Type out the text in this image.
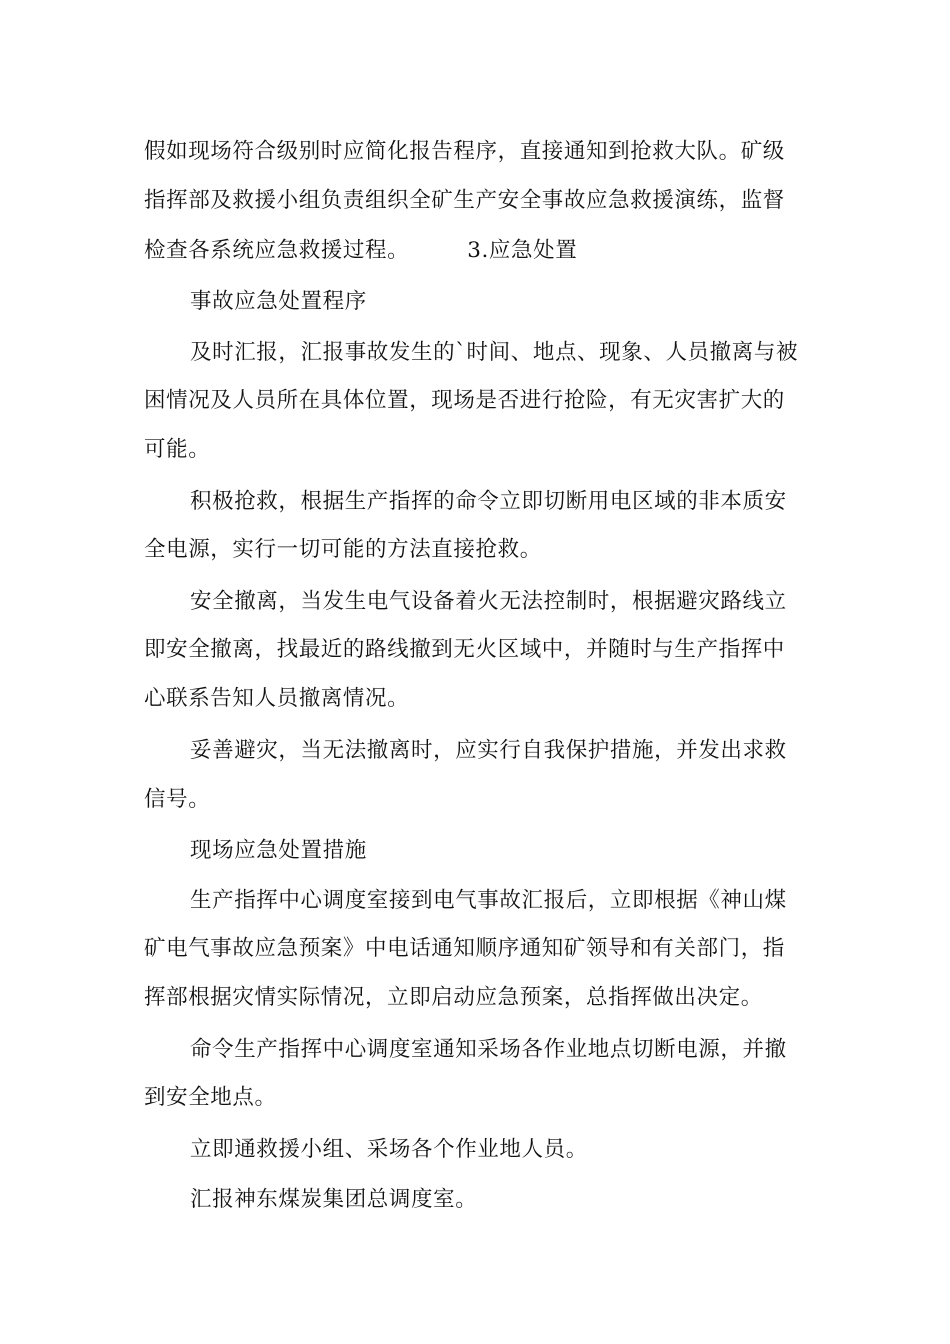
假如现场符合级别时应简化报告程序，直接通知到抢救大队。矿级
指挥部及救援小组负责组织全矿生产安全事故应急救援演练，监督
检查各系统应急救援过程。	3.应急处置
事故应急处置程序
及时汇报，汇报事故发生的`时间、地点、现象、人员撤离与被
困情况及人员所在具体位置，现场是否进行抢险，有无灾害扩大的
可能。
积极抢救，根据生产指挥的命令立即切断用电区域的非本质安
全电源，实行一切可能的方法直接抢救。
安全撤离，当发生电气设备着火无法控制时，根据避灾路线立
即安全撤离，找最近的路线撤到无火区域中，并随时与生产指挥中
心联系告知人员撤离情况。
妥善避灾，当无法撤离时，应实行自我保护措施，并发出求救
信号。
现场应急处置措施
生产指挥中心调度室接到电气事故汇报后，立即根据《神山煤
矿电气事故应急预案》中电话通知顺序通知矿领导和有关部门，指
挥部根据灾情实际情况，立即启动应急预案，总指挥做出决定。
命令生产指挥中心调度室通知采场各作业地点切断电源，并撤
到安全地点。
立即通救援小组、采场各个作业地人员。
汇报神东煤炭集团总调度室。
